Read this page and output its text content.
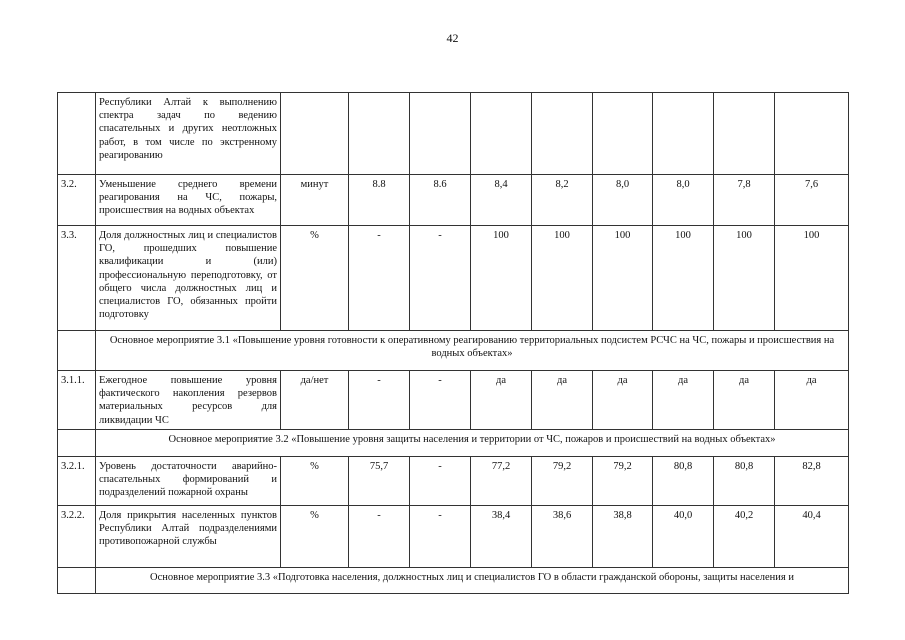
42
	Республики Алтай к выполнению спектра задач по ведению спасательных и других неотложных работ, в том числе по экстренному реагированию										
3.2.	Уменьшение среднего времени реагирования на ЧС, пожары, происшествия на водных объектах	минут	8.8	8.6	8,4	8,2	8,0	8,0	7,8	7,6	
3.3.	Доля должностных лиц и специалистов ГО, прошедших повышение квалификации и (или) профессиональную переподготовку, от общего числа должностных лиц и специалистов ГО, обязанных пройти подготовку	%	-	-	100	100	100	100	100	100	
	Основное мероприятие 3.1 «Повышение уровня готовности к оперативному реагированию территориальных подсистем РСЧС на ЧС, пожары и происшествия на водных объектах»										
3.1.1.	Ежегодное повышение уровня фактического накопления резервов материальных ресурсов для ликвидации ЧС	да/нет	-	-	да	да	да	да	да	да	
	Основное мероприятие 3.2 «Повышение уровня защиты населения и территории от ЧС, пожаров и происшествий на водных объектах»										
3.2.1.	Уровень достаточности аварийно-спасательных формирований и подразделений пожарной охраны	%	75,7	-	77,2	79,2	79,2	80,8	80,8	82,8	
3.2.2.	Доля прикрытия населенных пунктов Республики Алтай подразделениями противопожарной службы	%	-	-	38,4	38,6	38,8	40,0	40,2	40,4	
	Основное мероприятие 3.3 «Подготовка населения, должностных лиц и специалистов ГО в области гражданской обороны, защиты населения и										
